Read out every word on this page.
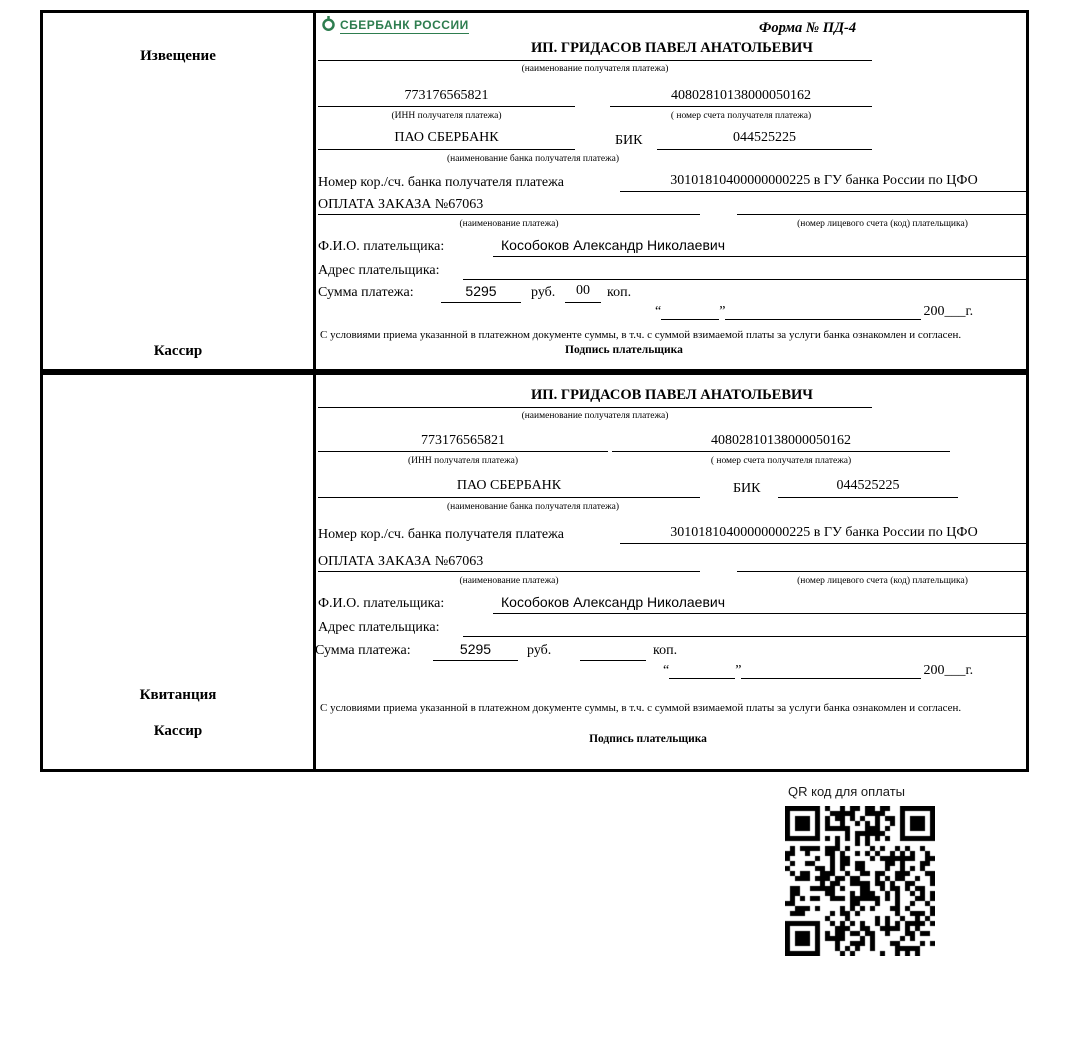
Извещение
Кассир
СБЕРБАНК РОССИИ	Форма № ПД-4
ИП. ГРИДАСОВ ПАВЕЛ АНАТОЛЬЕВИЧ
(наименование получателя платежа)
773176565821	40802810138000050162
(ИНН получателя платежа)	( номер счета получателя платежа)
ПАО СБЕРБАНК	БИК	044525225
(наименование банка получателя платежа)
Номер кор./сч. банка получателя платежа	30101810400000000225 в ГУ банка России по ЦФО
ОПЛАТА ЗАКАЗА №67063
(наименование платежа)	(номер лицевого счета (код) плательщика)
Ф.И.О. плательщика:	Кособоков Александр Николаевич
Адрес плательщика:
Сумма платежа:	5295	руб.	00	коп.
“	”	200___г.
С условиями приема указанной в платежном документе суммы, в т.ч. с суммой взимаемой платы за услуги банка ознакомлен и согласен.
Подпись плательщика
Квитанция
Кассир
ИП. ГРИДАСОВ ПАВЕЛ АНАТОЛЬЕВИЧ
(наименование получателя платежа)
773176565821	40802810138000050162
(ИНН получателя платежа)	( номер счета получателя платежа)
ПАО СБЕРБАНК	БИК	044525225
(наименование банка получателя платежа)
Номер кор./сч. банка получателя платежа	30101810400000000225 в ГУ банка России по ЦФО
ОПЛАТА ЗАКАЗА №67063
(наименование платежа)	(номер лицевого счета (код) плательщика)
Ф.И.О. плательщика:	Кособоков Александр Николаевич
Адрес плательщика:
Сумма платежа:	5295	руб.	коп.
“	”	200___г.
С условиями приема указанной в платежном документе суммы, в т.ч. с суммой взимаемой платы за услуги банка ознакомлен и согласен.
Подпись плательщика
QR код для оплаты
